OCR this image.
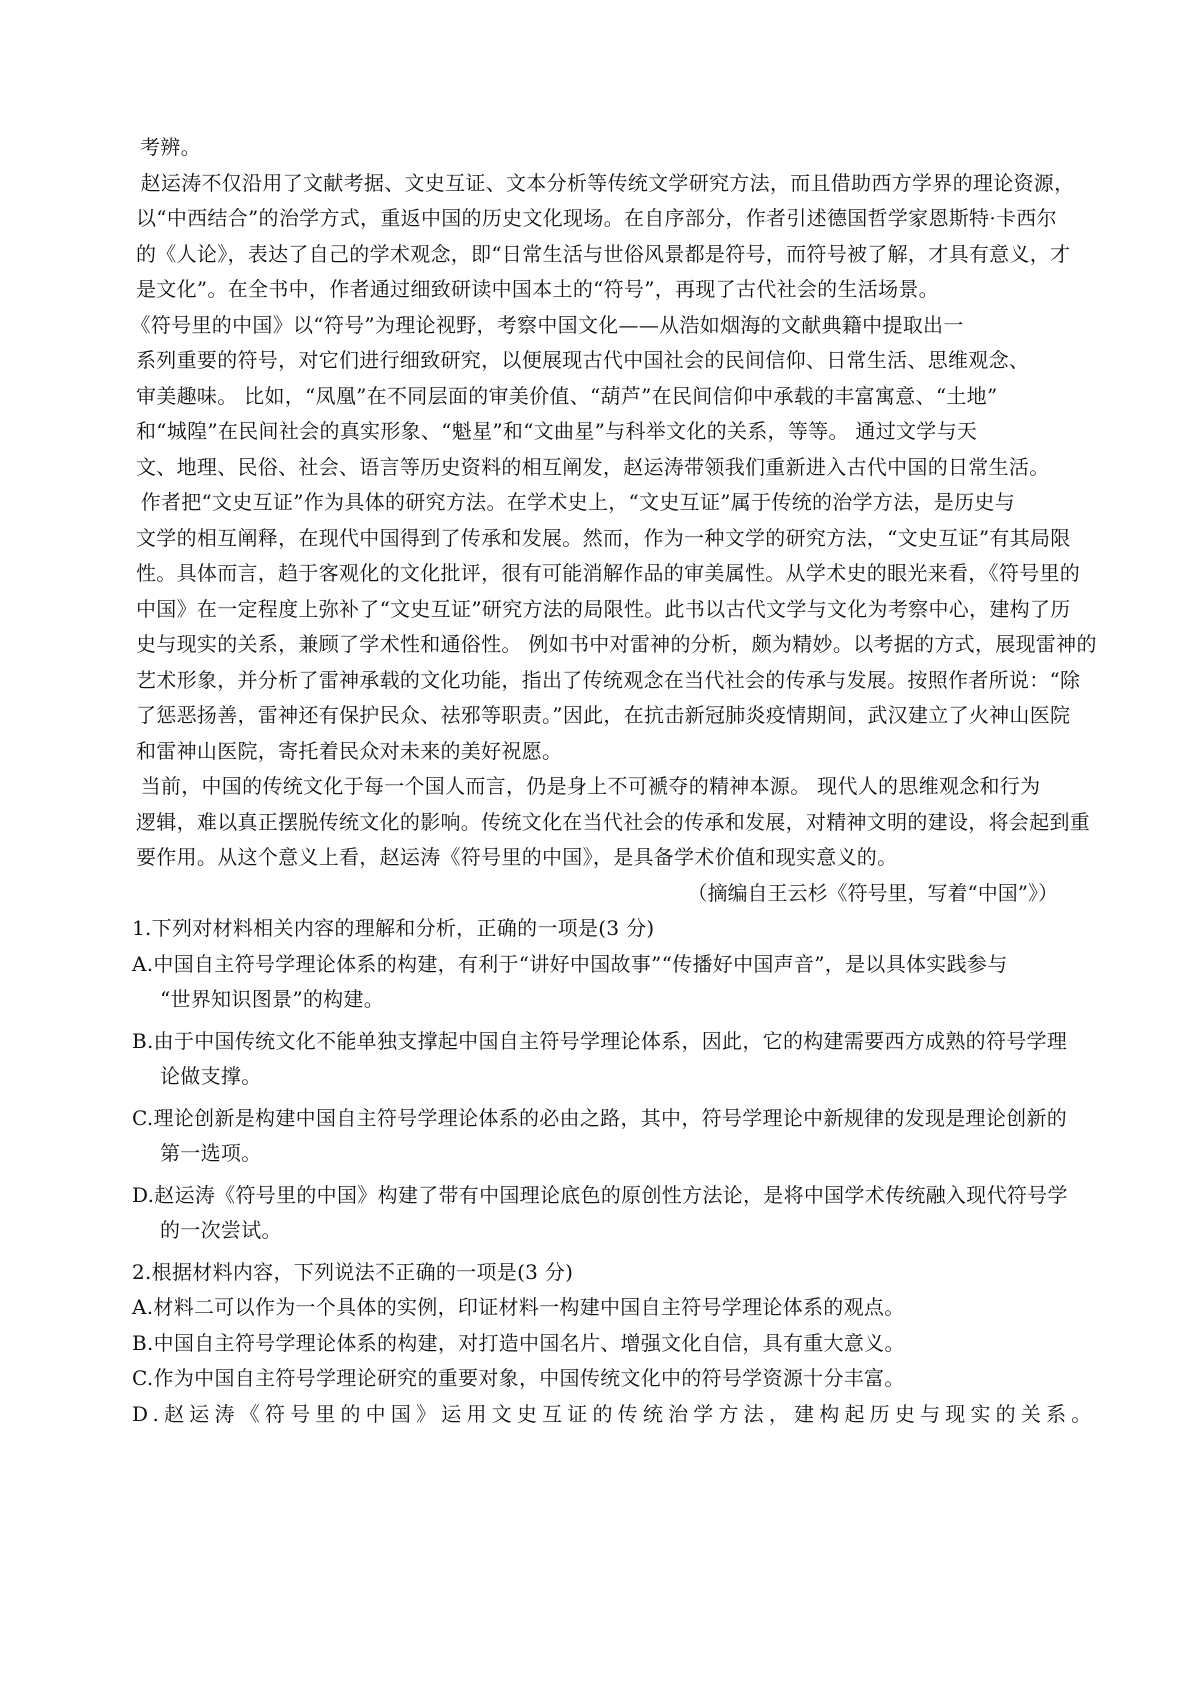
考辨。

　　赵运涛不仅沿用了文献考据、文史互证、文本分析等传统文学研究方法，而且借助西方学界的理论资源，

以“中西结合”的治学方式，重返中国的历史文化现场。在自序部分，作者引述德国哲学家恩斯特·卡西尔

的《人论》，表达了自己的学术观念，即“日常生活与世俗风景都是符号，而符号被了解，才具有意义，才

是文化”。在全书中，作者通过细致研读中国本土的“符号”，再现了古代社会的生活场景。

　　《符号里的中国》以“符号”为理论视野，考察中国文化——从浩如烟海的文献典籍中提取出一

系列重要的符号，对它们进行细致研究，以便展现古代中国社会的民间信仰、日常生活、思维观念、

审美趣味。 比如，“凤凰”在不同层面的审美价值、“葫芦”在民间信仰中承载的丰富寓意、“土地”

和“城隍”在民间社会的真实形象、“魁星”和“文曲星”与科举文化的关系，等等。 通过文学与天

文、地理、民俗、社会、语言等历史资料的相互阐发，赵运涛带领我们重新进入古代中国的日常生活。

　　作者把“文史互证”作为具体的研究方法。在学术史上，“文史互证”属于传统的治学方法，是历史与

文学的相互阐释，在现代中国得到了传承和发展。然而，作为一种文学的研究方法，“文史互证”有其局限

性。具体而言，趋于客观化的文化批评，很有可能消解作品的审美属性。从学术史的眼光来看，《符号里的

中国》在一定程度上弥补了“文史互证”研究方法的局限性。此书以古代文学与文化为考察中心，建构了历

史与现实的关系，兼顾了学术性和通俗性。 例如书中对雷神的分析，颇为精妙。以考据的方式，展现雷神的

艺术形象，并分析了雷神承载的文化功能，指出了传统观念在当代社会的传承与发展。按照作者所说：“除

了惩恶扬善，雷神还有保护民众、祛邪等职责。”因此，在抗击新冠肺炎疫情期间，武汉建立了火神山医院

和雷神山医院，寄托着民众对未来的美好祝愿。

　　当前，中国的传统文化于每一个国人而言，仍是身上不可褫夺的精神本源。 现代人的思维观念和行为

逻辑，难以真正摆脱传统文化的影响。传统文化在当代社会的传承和发展，对精神文明的建设，将会起到重

要作用。从这个意义上看，赵运涛《符号里的中国》，是具备学术价值和现实意义的。

（摘编自王云杉《符号里，写着“中国”》）

1.下列对材料相关内容的理解和分析，正确的一项是(3 分)

A.中国自主符号学理论体系的构建，有利于“讲好中国故事”“传播好中国声音”，是以具体实践参与

“世界知识图景”的构建。

B.由于中国传统文化不能单独支撑起中国自主符号学理论体系，因此，它的构建需要西方成熟的符号学理

论做支撑。

C.理论创新是构建中国自主符号学理论体系的必由之路，其中，符号学理论中新规律的发现是理论创新的

第一选项。

D.赵运涛《符号里的中国》构建了带有中国理论底色的原创性方法论，是将中国学术传统融入现代符号学

的一次尝试。

2.根据材料内容，下列说法不正确的一项是(3 分)

A.材料二可以作为一个具体的实例，印证材料一构建中国自主符号学理论体系的观点。

B.中国自主符号学理论体系的构建，对打造中国名片、增强文化自信，具有重大意义。

C.作为中国自主符号学理论研究的重要对象，中国传统文化中的符号学资源十分丰富。

D.赵运涛《符号里的中国》运用文史互证的传统治学方法，建构起历史与现实的关系。
